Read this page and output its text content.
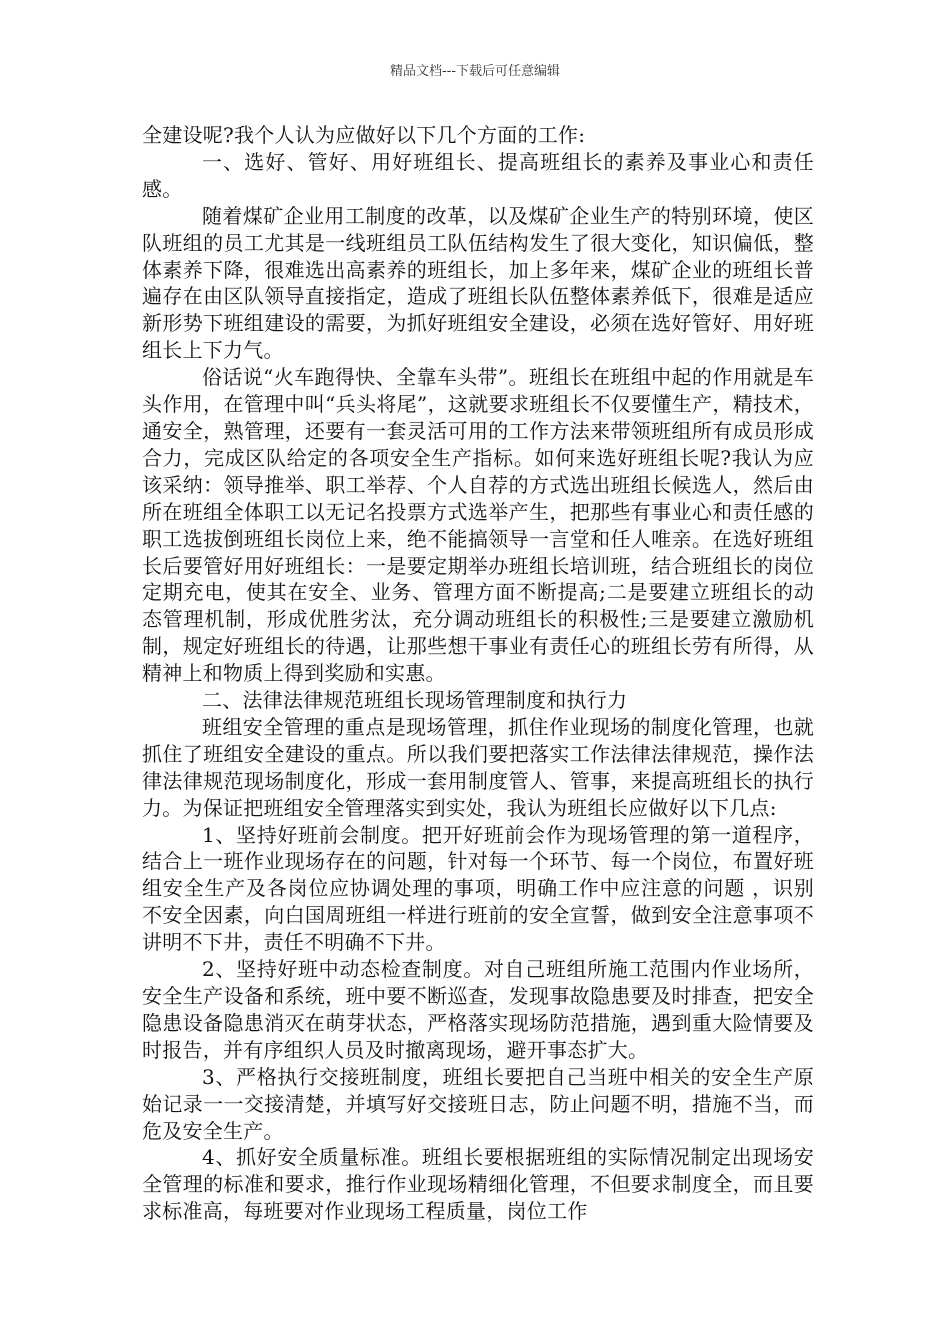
精品文档---下载后可任意编辑

全建设呢?我个人认为应做好以下几个方面的工作:

一、选好、管好、用好班组长、提高班组长的素养及事业心和责任感。

随着煤矿企业用工制度的改革，以及煤矿企业生产的特别环境，使区队班组的员工尤其是一线班组员工队伍结构发生了很大变化，知识偏低，整体素养下降，很难选出高素养的班组长，加上多年来，煤矿企业的班组长普遍存在由区队领导直接指定，造成了班组长队伍整体素养低下，很难是适应新形势下班组建设的需要，为抓好班组安全建设，必须在选好管好、用好班组长上下力气。

俗话说“火车跑得快、全靠车头带”。班组长在班组中起的作用就是车头作用，在管理中叫“兵头将尾”，这就要求班组长不仅要懂生产，精技术，通安全，熟管理，还要有一套灵活可用的工作方法来带领班组所有成员形成合力，完成区队给定的各项安全生产指标。如何来选好班组长呢?我认为应该采纳：领导推举、职工举荐、个人自荐的方式选出班组长候选人，然后由所在班组全体职工以无记名投票方式选举产生，把那些有事业心和责任感的职工选拔倒班组长岗位上来，绝不能搞领导一言堂和任人唯亲。在选好班组长后要管好用好班组长：一是要定期举办班组长培训班，结合班组长的岗位定期充电，使其在安全、业务、管理方面不断提高;二是要建立班组长的动态管理机制，形成优胜劣汰，充分调动班组长的积极性;三是要建立激励机制，规定好班组长的待遇，让那些想干事业有责任心的班组长劳有所得，从精神上和物质上得到奖励和实惠。

二、法律法律规范班组长现场管理制度和执行力

班组安全管理的重点是现场管理，抓住作业现场的制度化管理，也就抓住了班组安全建设的重点。所以我们要把落实工作法律法律规范，操作法律法律规范现场制度化，形成一套用制度管人、管事，来提高班组长的执行力。为保证把班组安全管理落实到实处，我认为班组长应做好以下几点:

1、坚持好班前会制度。把开好班前会作为现场管理的第一道程序，结合上一班作业现场存在的问题，针对每一个环节、每一个岗位，布置好班组安全生产及各岗位应协调处理的事项，明确工作中应注意的问题 ，识别不安全因素，向白国周班组一样进行班前的安全宣誓，做到安全注意事项不讲明不下井，责任不明确不下井。

2、坚持好班中动态检查制度。对自己班组所施工范围内作业场所，安全生产设备和系统，班中要不断巡查，发现事故隐患要及时排查，把安全隐患设备隐患消灭在萌芽状态，严格落实现场防范措施，遇到重大险情要及时报告，并有序组织人员及时撤离现场，避开事态扩大。

3、严格执行交接班制度，班组长要把自己当班中相关的安全生产原始记录一一交接清楚，并填写好交接班日志，防止问题不明，措施不当，而危及安全生产。

4、抓好安全质量标准。班组长要根据班组的实际情况制定出现场安全管理的标准和要求，推行作业现场精细化管理，不但要求制度全，而且要求标准高，每班要对作业现场工程质量，岗位工作
